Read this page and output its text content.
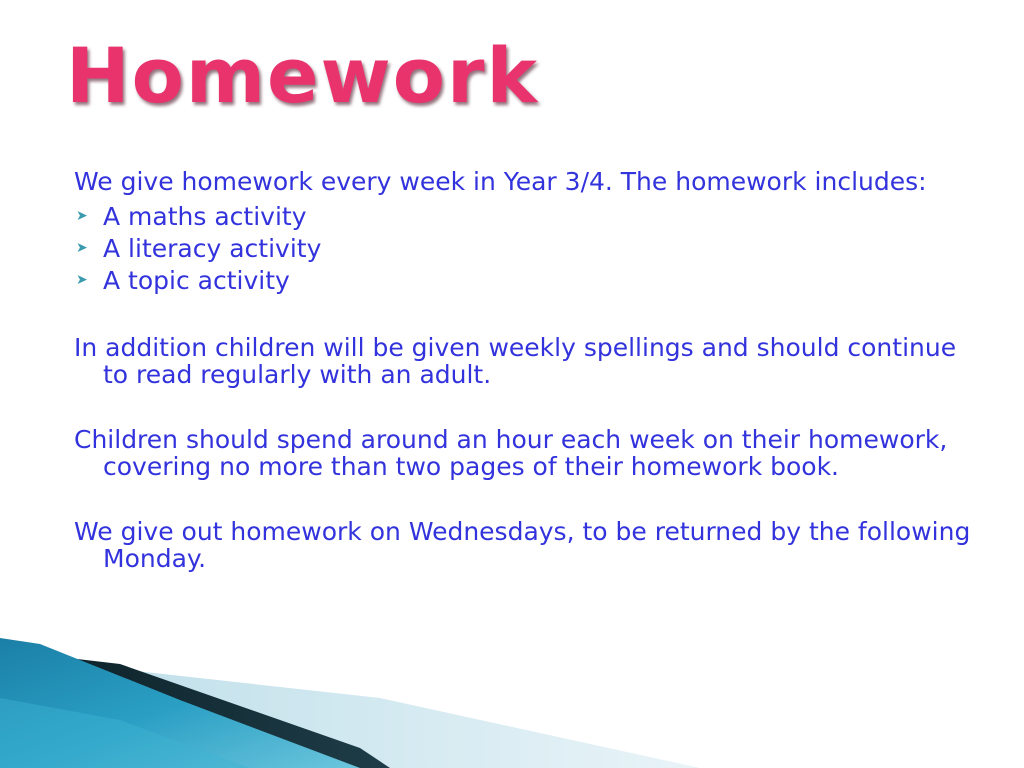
Homework

We give homework every week in Year 3/4. The homework includes:

➤ A maths activity
➤ A literacy activity
➤ A topic activity

In addition children will be given weekly spellings and should continue to read regularly with an adult.

Children should spend around an hour each week on their homework, covering no more than two pages of their homework book.

We give out homework on Wednesdays, to be returned by the following Monday.
